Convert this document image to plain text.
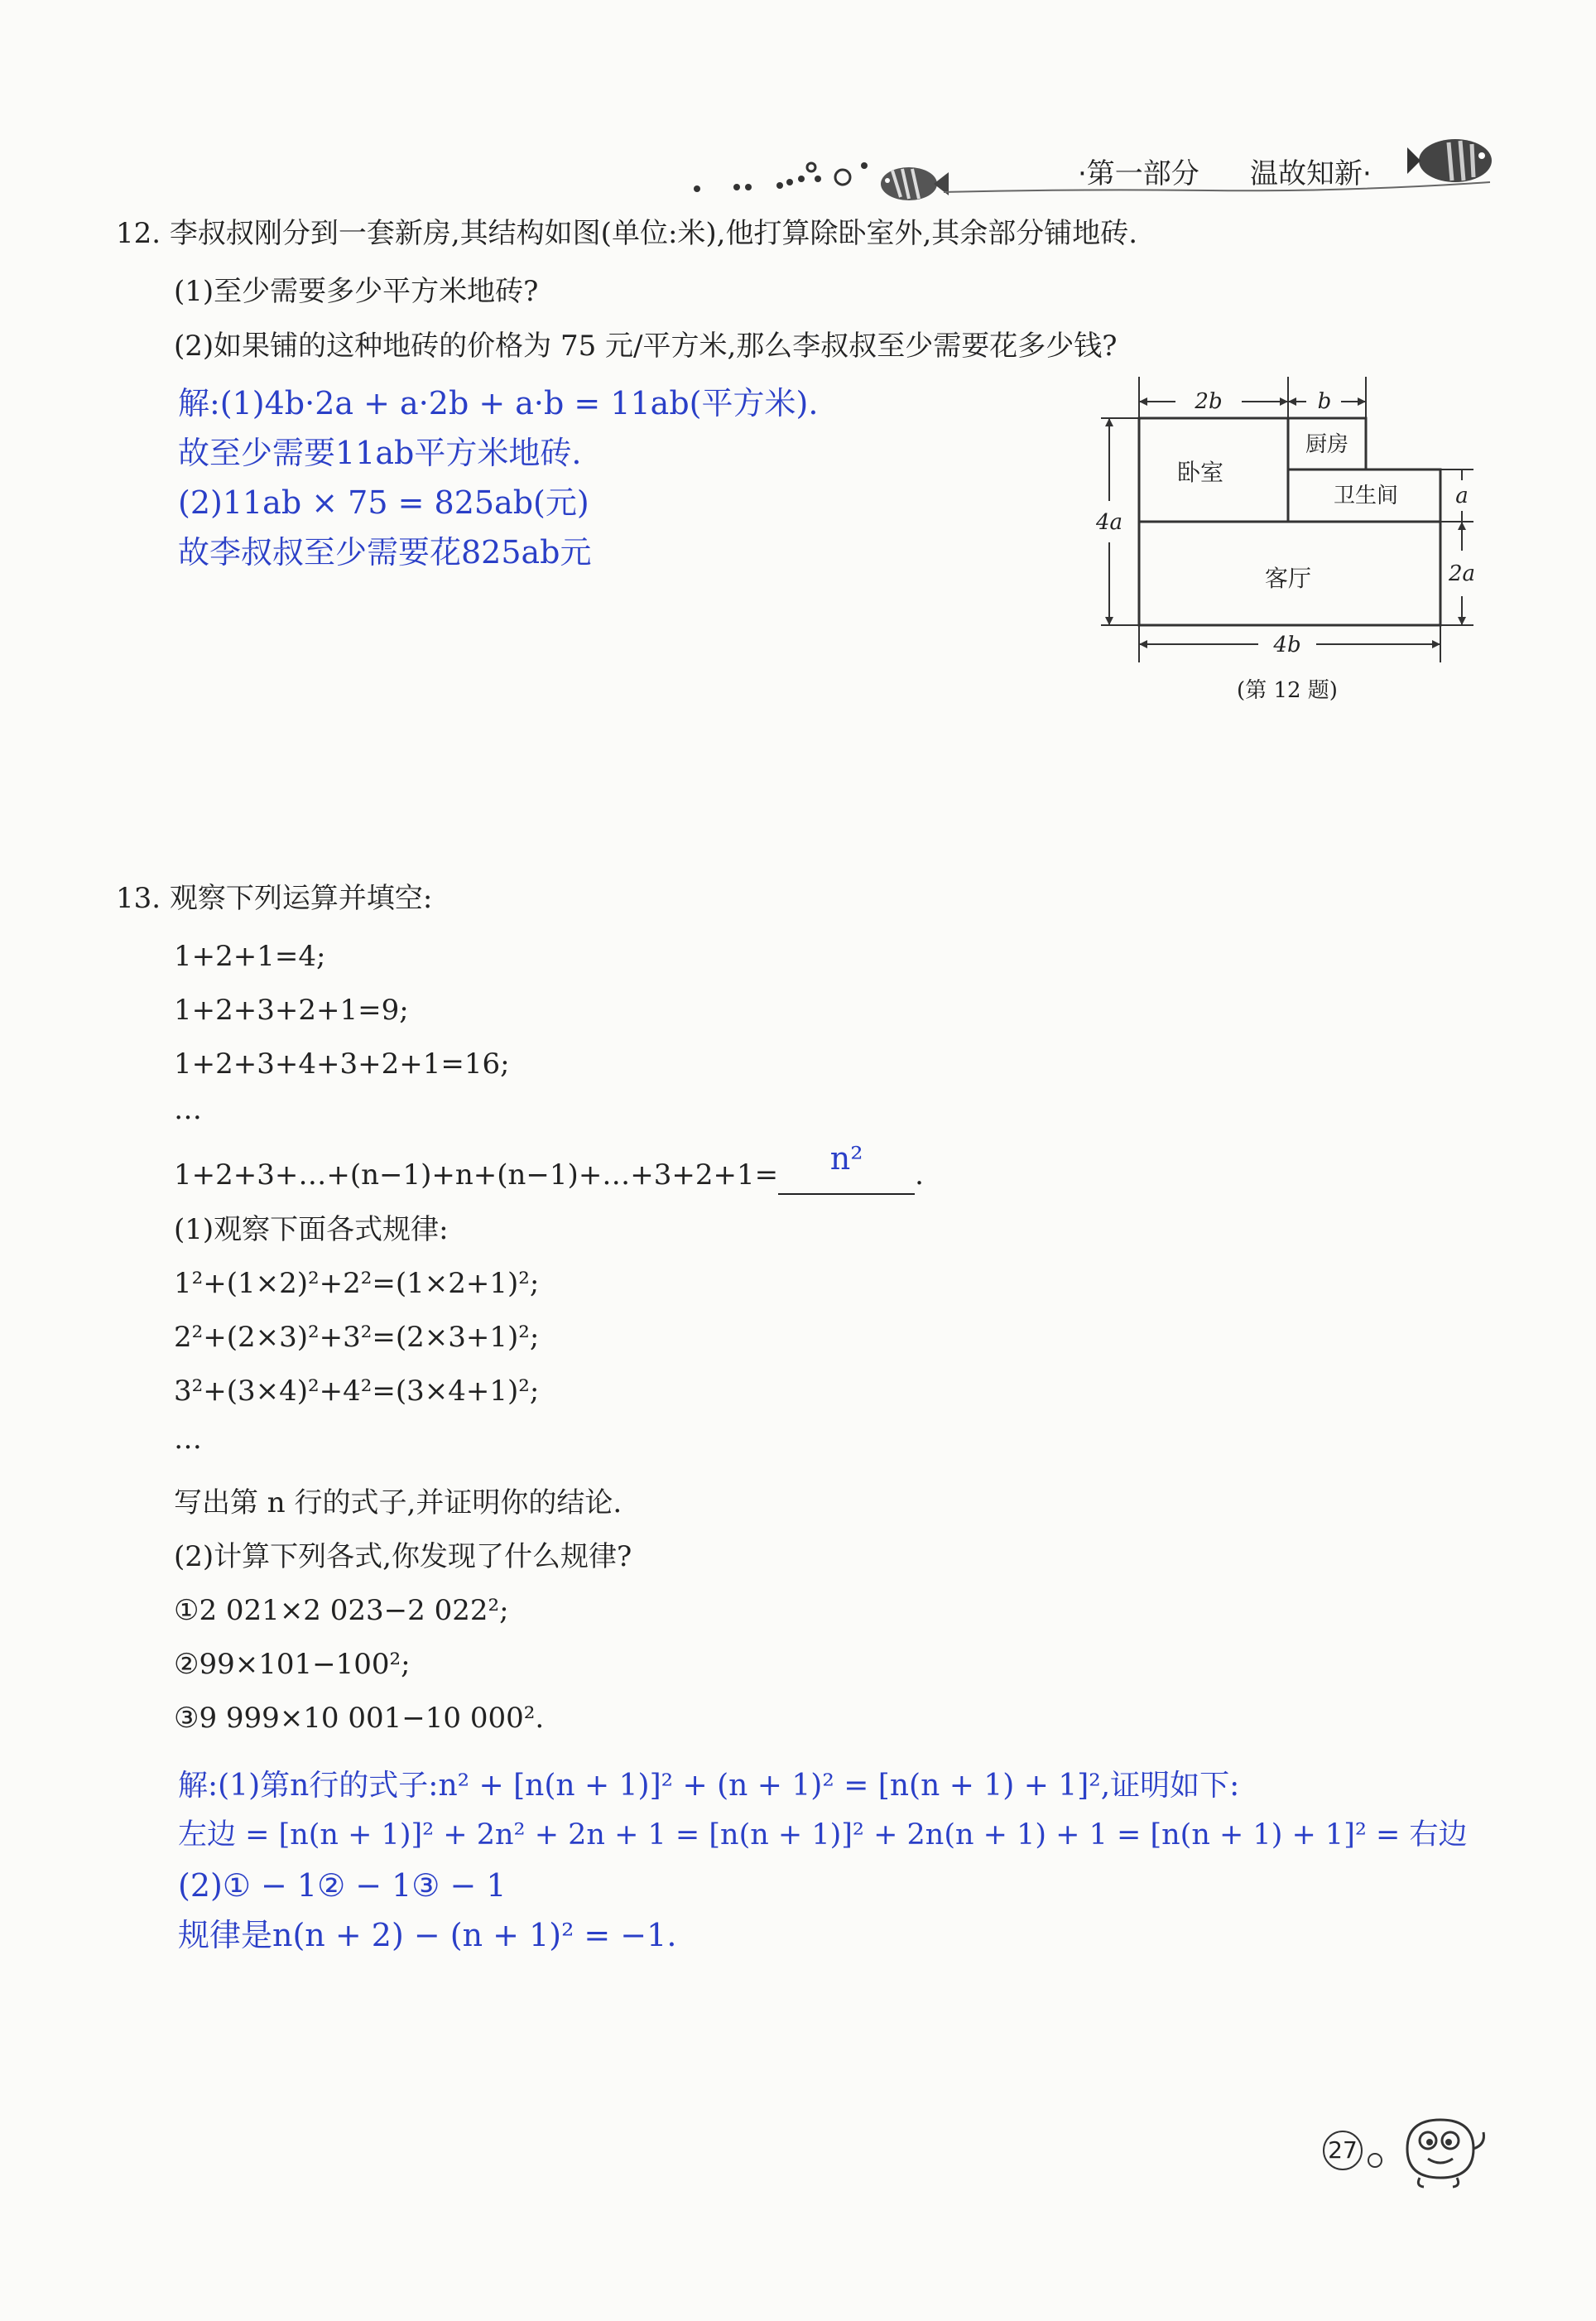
·第一部分 温故知新·
12. 李叔叔刚分到一套新房,其结构如图(单位:米),他打算除卧室外,其余部分铺地砖.
(1)至少需要多少平方米地砖?
(2)如果铺的这种地砖的价格为 75 元/平方米,那么李叔叔至少需要花多少钱?
解:(1)4b·2a + a·2b + a·b = 11ab(平方米).
故至少需要11ab平方米地砖.
(2)11ab × 75 = 825ab(元)
故李叔叔至少需要花825ab元
2b	b
4a
a
2a
4b
卧室
厨房
卫生间
客厅
(第 12 题)
13. 观察下列运算并填空:
1+2+1=4;
1+2+3+2+1=9;
1+2+3+4+3+2+1=16;
…
1+2+3+…+(n−1)+n+(n−1)+…+3+2+1= n² .
(1)观察下面各式规律:
1²+(1×2)²+2²=(1×2+1)²;
2²+(2×3)²+3²=(2×3+1)²;
3²+(3×4)²+4²=(3×4+1)²;
…
写出第 n 行的式子,并证明你的结论.
(2)计算下列各式,你发现了什么规律?
①2 021×2 023−2 022²;
②99×101−100²;
③9 999×10 001−10 000².
解:(1)第n行的式子:n² + [n(n + 1)]² + (n + 1)² = [n(n + 1) + 1]²,证明如下:
左边 = [n(n + 1)]² + 2n² + 2n + 1 = [n(n + 1)]² + 2n(n + 1) + 1 = [n(n + 1) + 1]² = 右边
(2)① − 1② − 1③ − 1
规律是n(n + 2) − (n + 1)² = −1.
27
